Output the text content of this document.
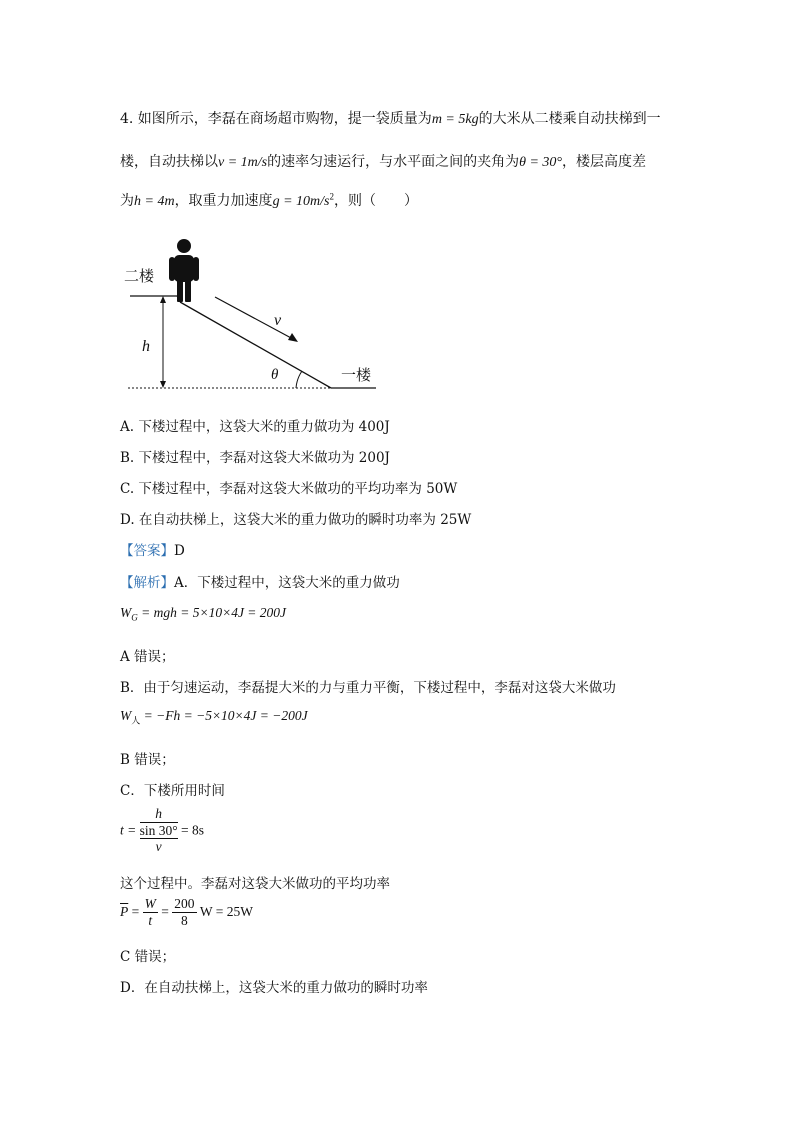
4. 如图所示，李磊在商场超市购物，提一袋质量为m = 5kg的大米从二楼乘自动扶梯到一
楼，自动扶梯以v = 1m/s的速率匀速运行，与水平面之间的夹角为θ = 30°，楼层高度差
为h = 4m，取重力加速度$g = 10m/s^2$，则（　　）
二楼
一楼
h
v
θ
A. 下楼过程中，这袋大米的重力做功为 400J
B. 下楼过程中，李磊对这袋大米做功为 200J
C. 下楼过程中，李磊对这袋大米做功的平均功率为 50W
D. 在自动扶梯上，这袋大米的重力做功的瞬时功率为 25W
【答案】D
【解析】A．下楼过程中，这袋大米的重力做功
$W_G$ = mgh = 5×10×4J = 200J
A 错误；
B．由于匀速运动，李磊提大米的力与重力平衡，下楼过程中，李磊对这袋大米做功
$W_人 = -Fh = -5\times 10\times 4J = -200J$
B 错误；
C．下楼所用时间
$t = \frac{\frac{h}{\sin 30^\circ}}{v} = 8s$
这个过程中。李磊对这袋大米做功的平均功率
$\overline{P} = \frac{W}{t} = \frac{200}{8}$ W = 25W
C 错误；
D．在自动扶梯上，这袋大米的重力做功的瞬时功率
